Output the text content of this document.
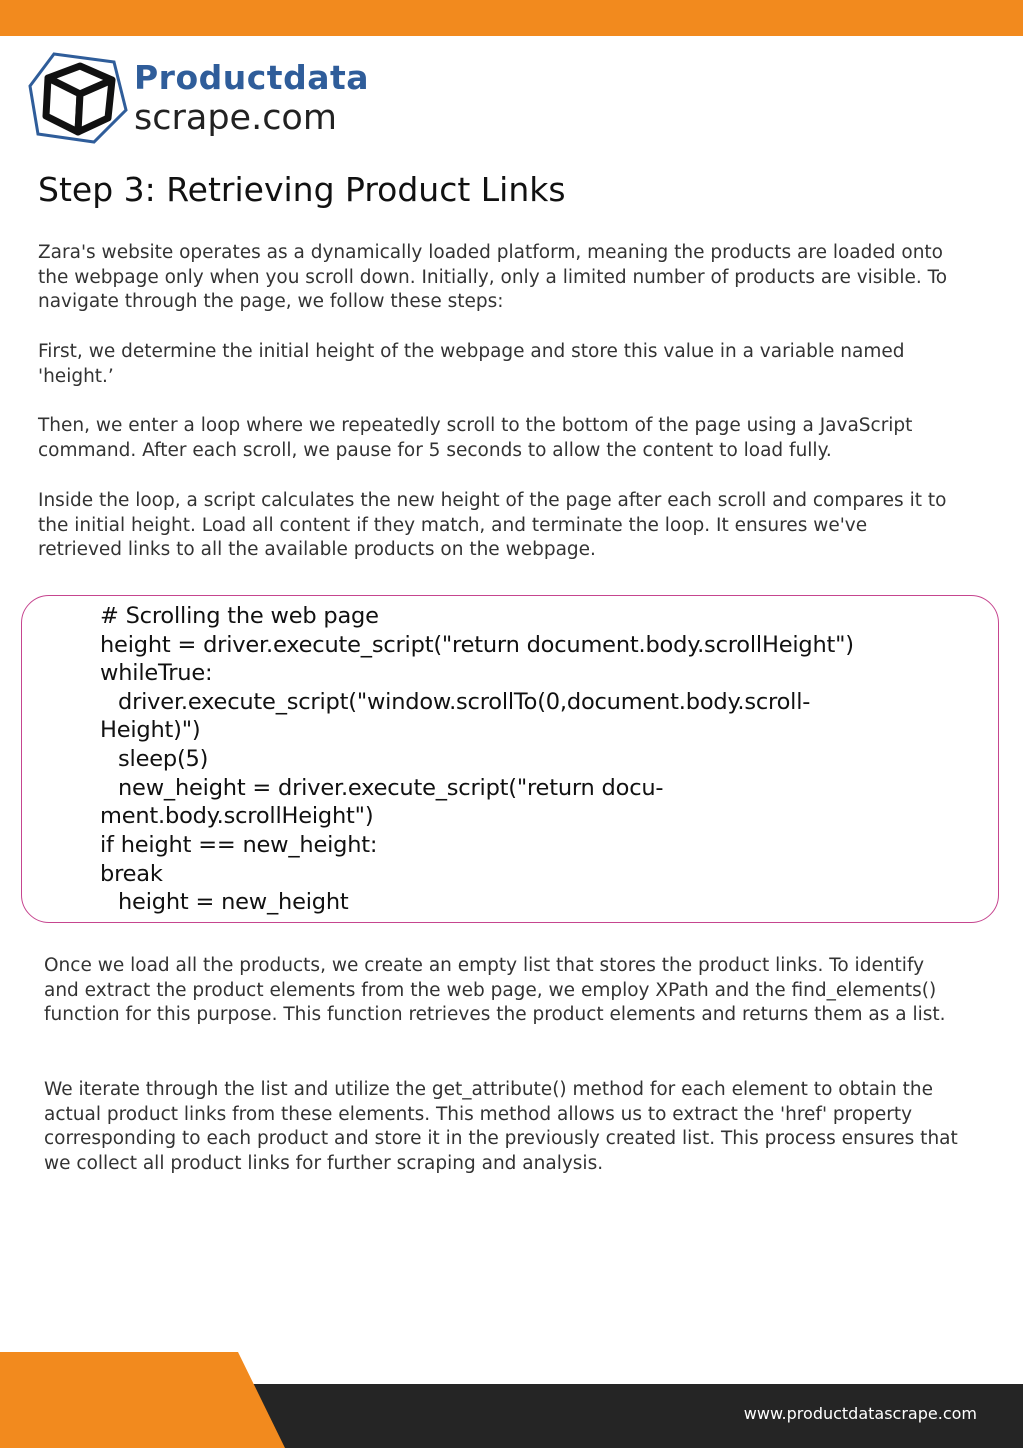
Productdata
scrape.com
Step 3: Retrieving Product Links

Zara's website operates as a dynamically loaded platform, meaning the products are loaded onto the webpage only when you scroll down. Initially, only a limited number of products are visible. To navigate through the page, we follow these steps:

First, we determine the initial height of the webpage and store this value in a variable named 'height.’

Then, we enter a loop where we repeatedly scroll to the bottom of the page using a JavaScript command. After each scroll, we pause for 5 seconds to allow the content to load fully.

Inside the loop, a script calculates the new height of the page after each scroll and compares it to the initial height. Load all content if they match, and terminate the loop. It ensures we've retrieved links to all the available products on the webpage.

# Scrolling the web page

height = driver.execute_script("return document.body.scrollHeight")

whileTrue:

driver.execute_script("window.scrollTo(0,document.body.scroll-

Height)")

sleep(5)

new_height = driver.execute_script("return docu-

ment.body.scrollHeight")

if height == new_height:

break

height = new_height

Once we load all the products, we create an empty list that stores the product links. To identify and extract the product elements from the web page, we employ XPath and the find_elements() function for this purpose. This function retrieves the product elements and returns them as a list.

We iterate through the list and utilize the get_attribute() method for each element to obtain the actual product links from these elements. This method allows us to extract the 'href' property corresponding to each product and store it in the previously created list. This process ensures that we collect all product links for further scraping and analysis.

www.productdatascrape.com
